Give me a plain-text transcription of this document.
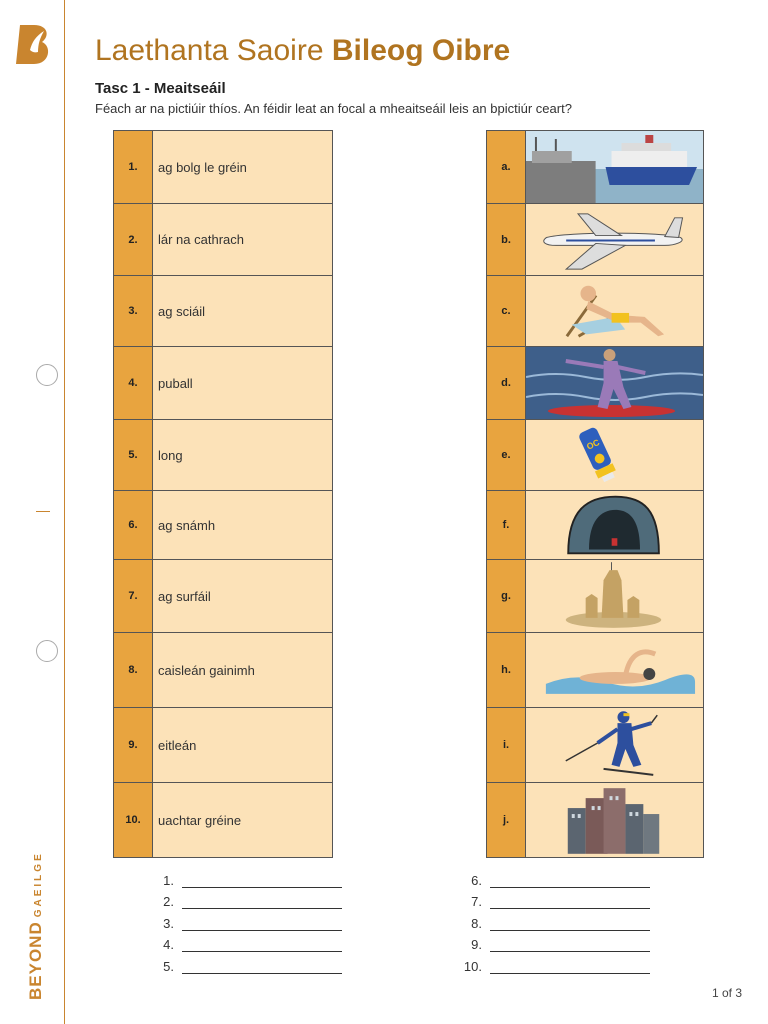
BEYONDGAEILGE
Laethanta Saoire Bileog Oibre
Tasc 1 - Meaitseáil
Féach ar na pictiúir thíos. An féidir leat an focal a mheaitseáil leis an bpictiúr ceart?
1.	ag bolg le gréin
2.	lár na cathrach
3.	ag sciáil
4.	puball
5.	long
6.	ag snámh
7.	ag surfáil
8.	caisleán gainimh
9.	eitleán
10.	uachtar gréine
a.
b.
c.
d.
e.
OC
f.
g.
h.
i.
j.
1.
2.
3.
4.
5.
6.
7.
8.
9.
10.
1 of 3
